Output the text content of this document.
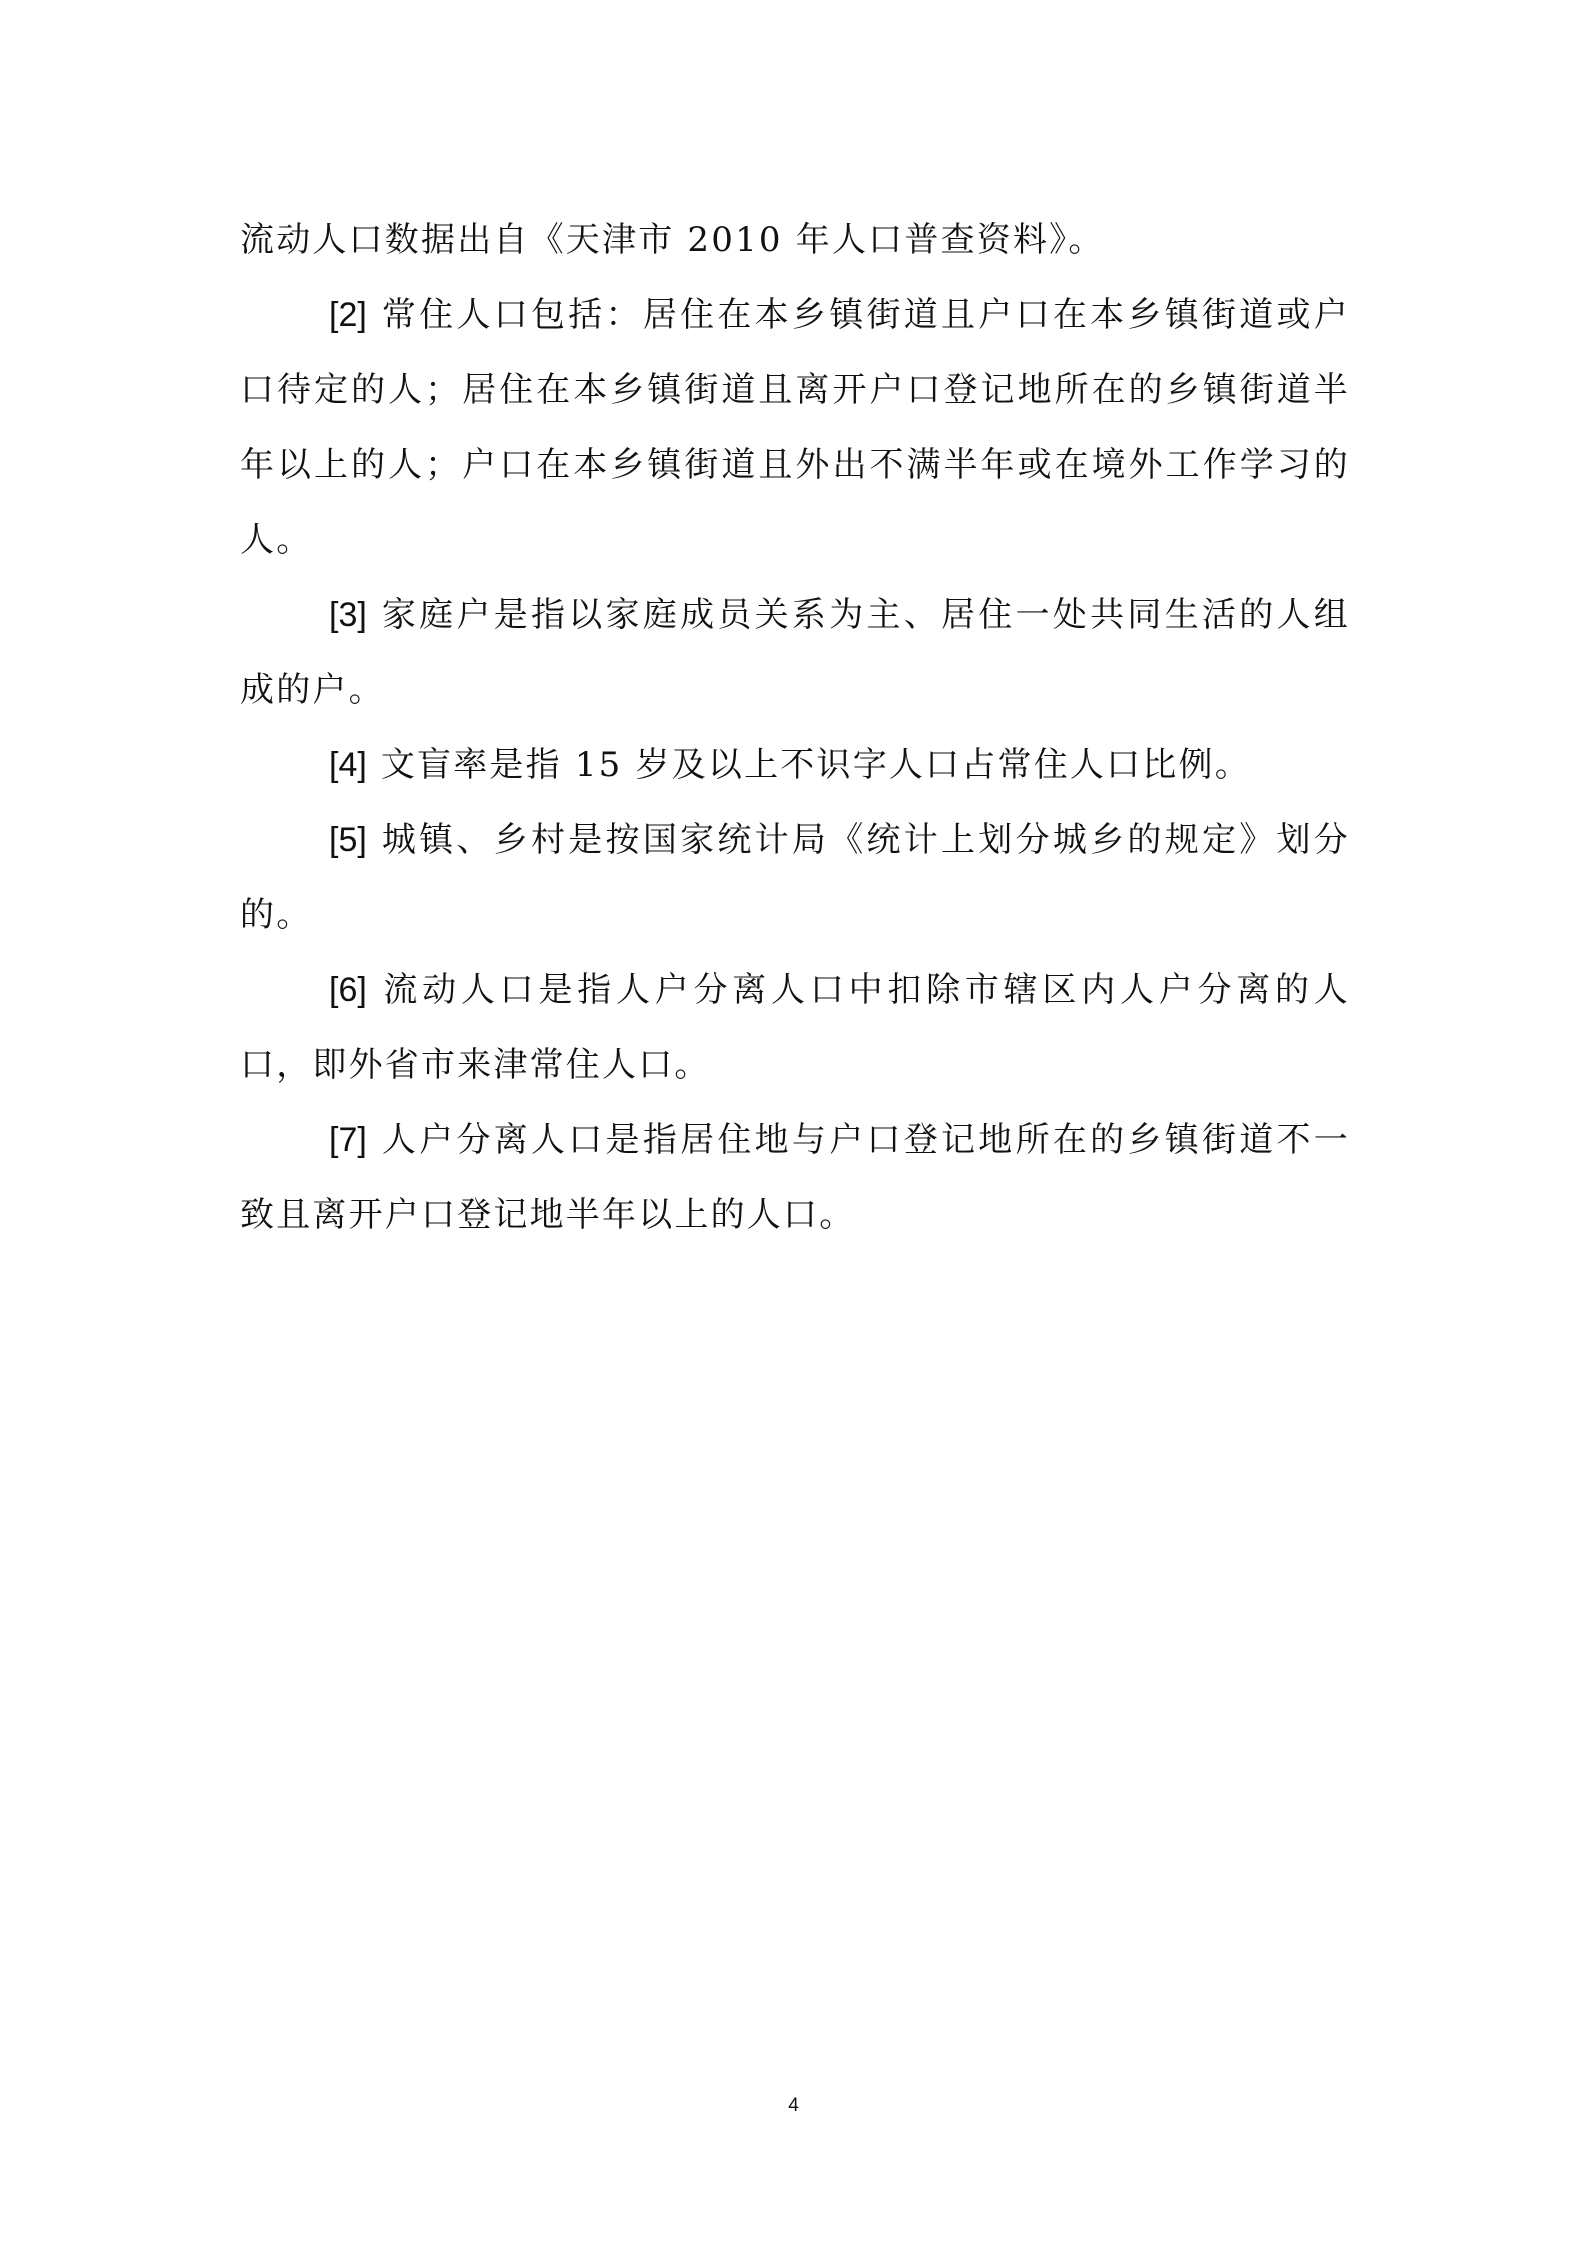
流动人口数据出自《天津市 2010 年人口普查资料》。

[2] 常住人口包括：居住在本乡镇街道且户口在本乡镇街道或户口待定的人；居住在本乡镇街道且离开户口登记地所在的乡镇街道半年以上的人；户口在本乡镇街道且外出不满半年或在境外工作学习的人。

[3] 家庭户是指以家庭成员关系为主、居住一处共同生活的人组成的户。

[4] 文盲率是指 15 岁及以上不识字人口占常住人口比例。

[5] 城镇、乡村是按国家统计局《统计上划分城乡的规定》划分的。

[6] 流动人口是指人户分离人口中扣除市辖区内人户分离的人口，即外省市来津常住人口。

[7] 人户分离人口是指居住地与户口登记地所在的乡镇街道不一致且离开户口登记地半年以上的人口。

4
